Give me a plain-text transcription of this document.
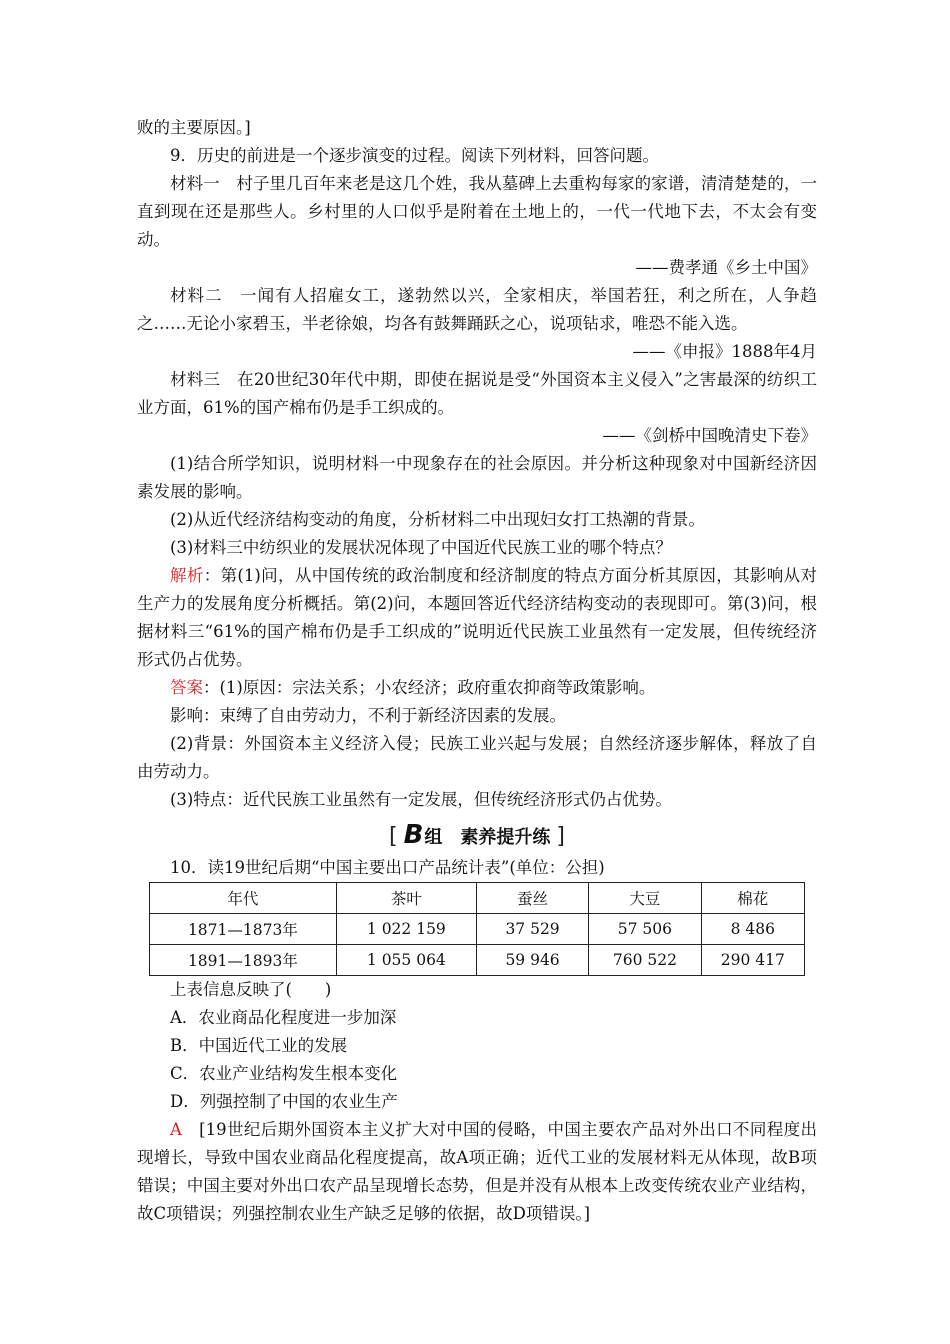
败的主要原因。]
9．历史的前进是一个逐步演变的过程。阅读下列材料，回答问题。
材料一　村子里几百年来老是这几个姓，我从墓碑上去重构每家的家谱，清清楚楚的，一直到现在还是那些人。乡村里的人口似乎是附着在土地上的，一代一代地下去，不太会有变动。
——费孝通《乡土中国》
材料二　一闻有人招雇女工，遂勃然以兴，全家相庆，举国若狂，利之所在，人争趋之……无论小家碧玉，半老徐娘，均各有鼓舞踊跃之心，说项钻求，唯恐不能入选。
——《申报》1888年4月
材料三　在20世纪30年代中期，即使在据说是受“外国资本主义侵入”之害最深的纺织工业方面，61%的国产棉布仍是手工织成的。
——《剑桥中国晚清史下卷》
(1)结合所学知识，说明材料一中现象存在的社会原因。并分析这种现象对中国新经济因素发展的影响。
(2)从近代经济结构变动的角度，分析材料二中出现妇女打工热潮的背景。
(3)材料三中纺织业的发展状况体现了中国近代民族工业的哪个特点？
解析：第(1)问，从中国传统的政治制度和经济制度的特点方面分析其原因，其影响从对生产力的发展角度分析概括。第(2)问，本题回答近代经济结构变动的表现即可。第(3)问，根据材料三“61%的国产棉布仍是手工织成的”说明近代民族工业虽然有一定发展，但传统经济形式仍占优势。
答案：(1)原因：宗法关系；小农经济；政府重农抑商等政策影响。
影响：束缚了自由劳动力，不利于新经济因素的发展。
(2)背景：外国资本主义经济入侵；民族工业兴起与发展；自然经济逐步解体，释放了自由劳动力。
(3)特点：近代民族工业虽然有一定发展，但传统经济形式仍占优势。
[ B组　素养提升练 ]
10．读19世纪后期“中国主要出口产品统计表”(单位：公担)
年代	茶叶	蚕丝	大豆	棉花
1871—1873年	1 022 159	37 529	57 506	8 486
1891—1893年	1 055 064	59 946	760 522	290 417
上表信息反映了(　　)
A．农业商品化程度进一步加深
B．中国近代工业的发展
C．农业产业结构发生根本变化
D．列强控制了中国的农业生产
A　[19世纪后期外国资本主义扩大对中国的侵略，中国主要农产品对外出口不同程度出现增长，导致中国农业商品化程度提高，故A项正确；近代工业的发展材料无从体现，故B项错误；中国主要对外出口农产品呈现增长态势，但是并没有从根本上改变传统农业产业结构，故C项错误；列强控制农业生产缺乏足够的依据，故D项错误。]
